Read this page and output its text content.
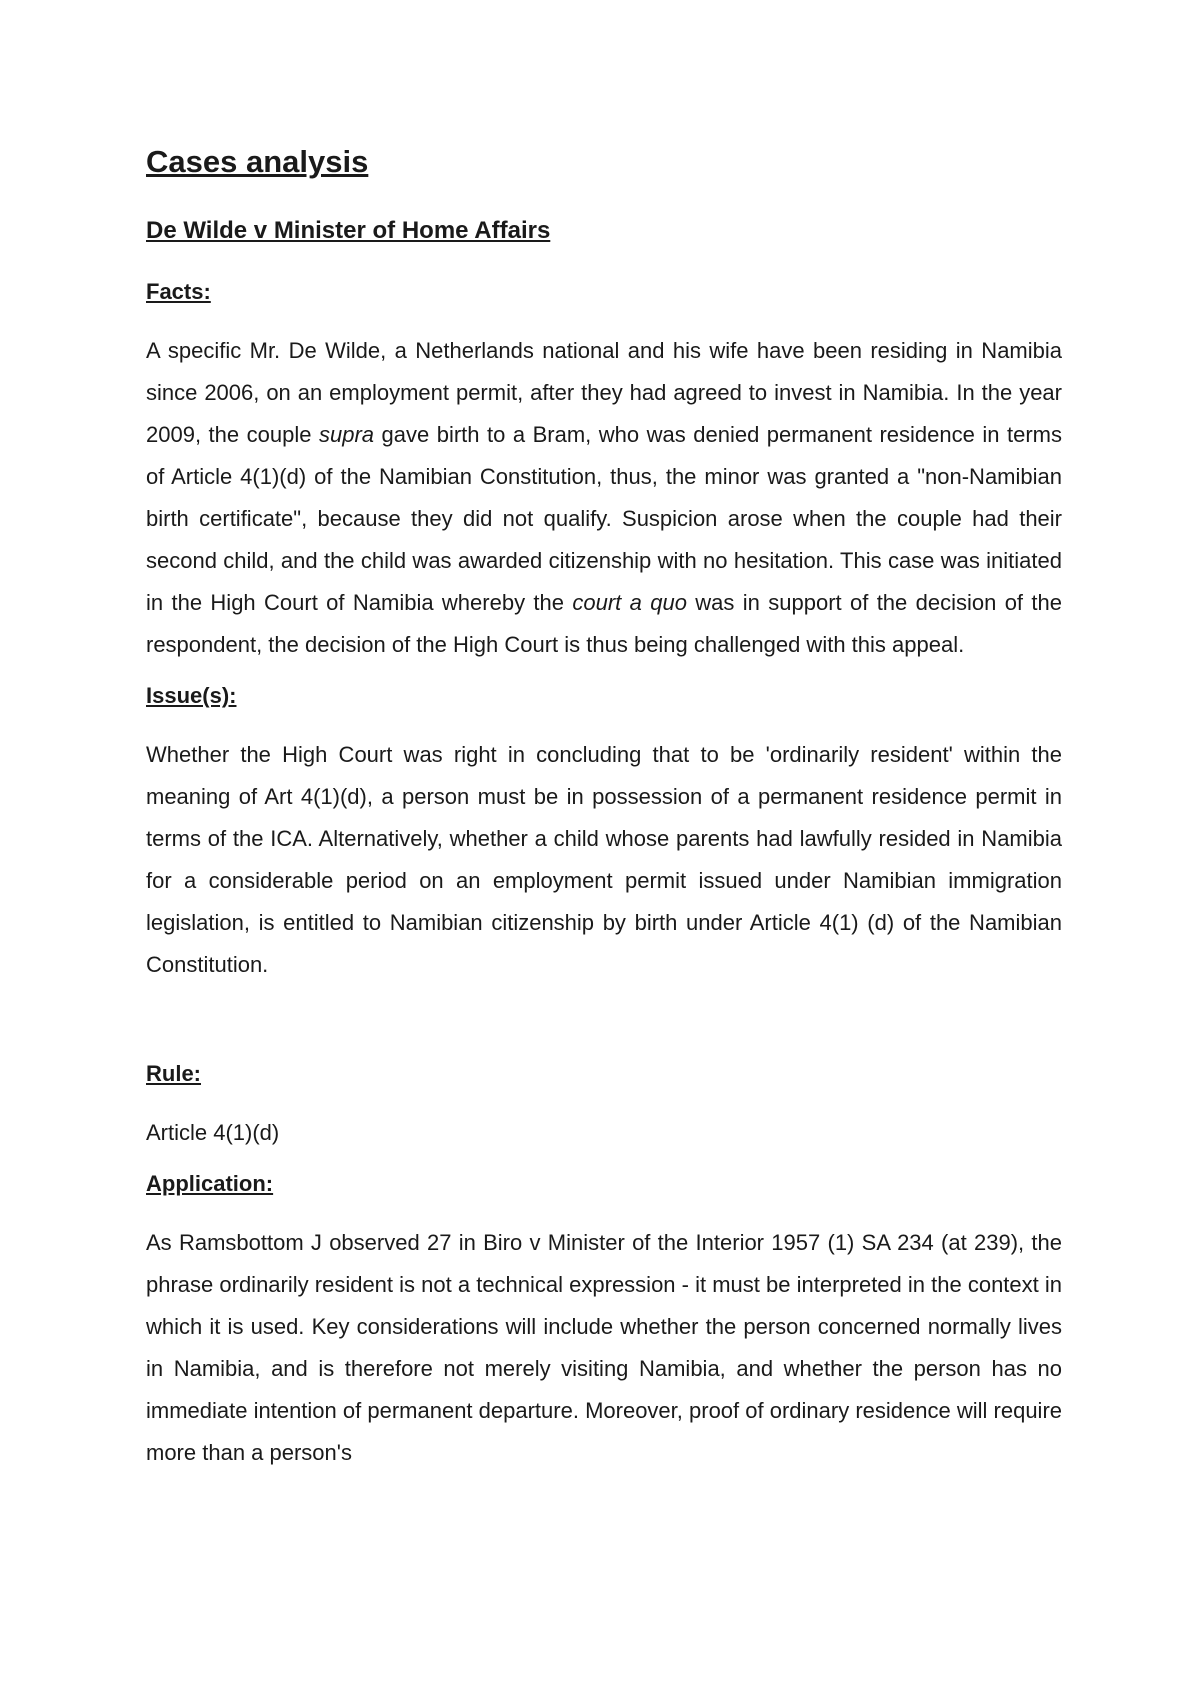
Cases analysis
De Wilde v Minister of Home Affairs
Facts:

A specific Mr. De Wilde, a Netherlands national and his wife have been residing in Namibia since 2006, on an employment permit, after they had agreed to invest in Namibia. In the year 2009, the couple supra gave birth to a Bram, who was denied permanent residence in terms of Article 4(1)(d) of the Namibian Constitution, thus, the minor was granted a "non-Namibian birth certificate", because they did not qualify. Suspicion arose when the couple had their second child, and the child was awarded citizenship with no hesitation. This case was initiated in the High Court of Namibia whereby the court a quo was in support of the decision of the respondent, the decision of the High Court is thus being challenged with this appeal.

Issue(s):

Whether the High Court was right in concluding that to be 'ordinarily resident' within the meaning of Art 4(1)(d), a person must be in possession of a permanent residence permit in terms of the ICA. Alternatively, whether a child whose parents had lawfully resided in Namibia for a considerable period on an employment permit issued under Namibian immigration legislation, is entitled to Namibian citizenship by birth under Article 4(1) (d) of the Namibian Constitution.

Rule:

Article 4(1)(d)

Application:

As Ramsbottom J observed 27 in Biro v Minister of the Interior 1957 (1) SA 234 (at 239), the phrase ordinarily resident is not a technical expression - it must be interpreted in the context in which it is used. Key considerations will include whether the person concerned normally lives in Namibia, and is therefore not merely visiting Namibia, and whether the person has no immediate intention of permanent departure. Moreover, proof of ordinary residence will require more than a person's
